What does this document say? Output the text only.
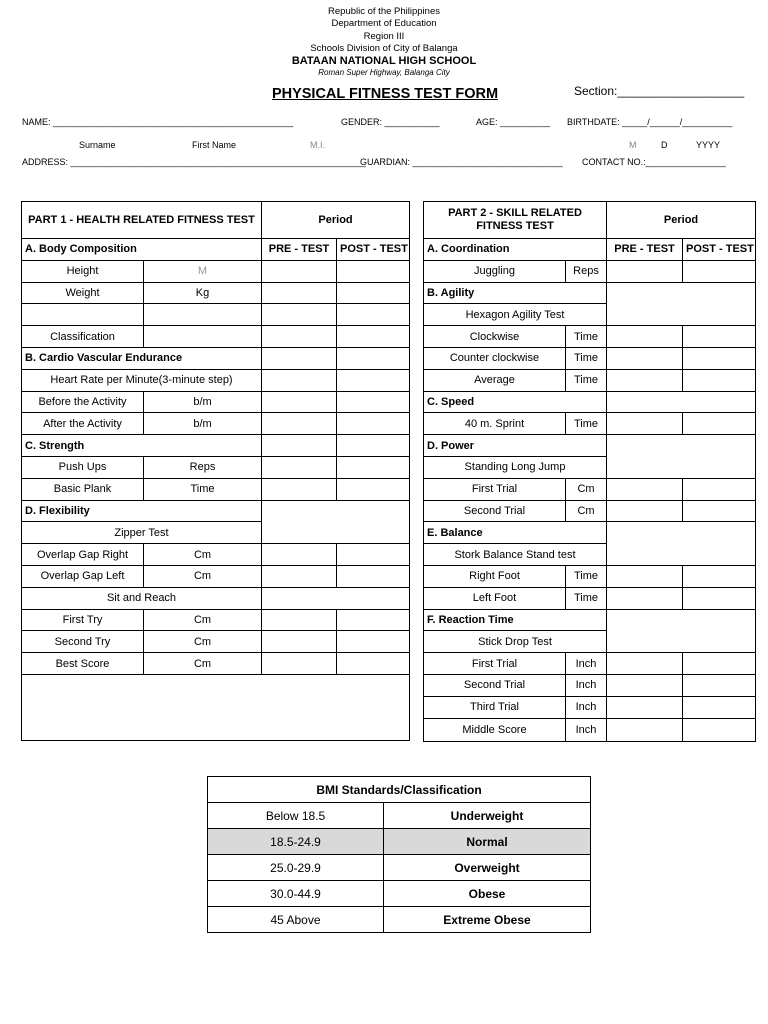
Republic of the Philippines
Department of Education
Region III
Schools Division of City of Balanga
BATAAN NATIONAL HIGH SCHOOL
Roman Super Highway, Balanga City
PHYSICAL FITNESS TEST FORM	Section:___________________
NAME: ________________________________________________	GENDER: ___________	AGE: __________ BIRTHDATE: _____/______/__________
Surname	First Name	M.I.	M	D	YYYY
ADDRESS: ___________________________________________________________
GUARDIAN: ______________________________ CONTACT NO.:________________
PART 1 - HEALTH RELATED FITNESS TEST		Period	
A. Body Composition		PRE - TEST	POST - TEST
Height	M		
Weight	Kg		

Classification			
B. Cardio Vascular Endurance			
Heart Rate per Minute(3-minute step)			
Before the Activity	b/m		
After the Activity	b/m		
C. Strength			
Push Ups	Reps		
Basic Plank	Time		
D. Flexibility			
Zipper Test			
Overlap Gap Right	Cm		
Overlap Gap Left	Cm		
Sit and Reach			
First Try	Cm		
Second Try	Cm		
Best Score	Cm		

PART 2 - SKILL RELATED FITNESS TEST		Period	
A. Coordination		PRE - TEST	POST - TEST
Juggling	Reps		
B. Agility			
Hexagon Agility Test			
Clockwise	Time		
Counter clockwise	Time		
Average	Time		
C. Speed			
40 m. Sprint	Time		
D. Power			
Standing Long Jump			
First Trial	Cm		
Second Trial	Cm		
E. Balance			
Stork Balance Stand test			
Right Foot	Time		
Left Foot	Time		
F. Reaction Time			
Stick Drop Test			
First Trial	Inch		
Second Trial	Inch		
Third Trial	Inch		
Middle Score	Inch		
BMI Standards/Classification	
Below 18.5	Underweight
18.5-24.9	Normal
25.0-29.9	Overweight
30.0-44.9	Obese
45 Above	Extreme Obese
